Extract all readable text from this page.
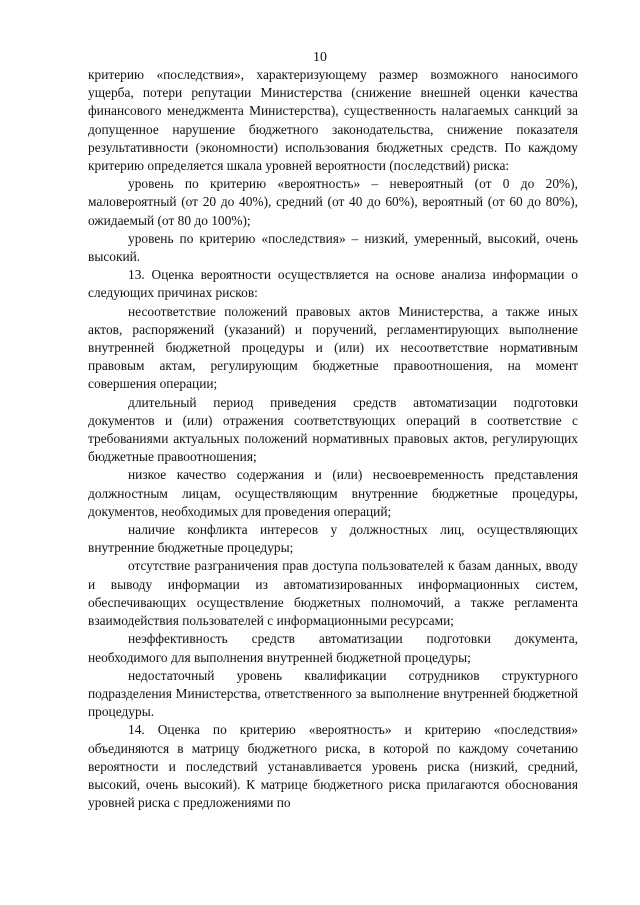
10

критерию «последствия», характеризующему размер возможного наносимого ущерба, потери репутации Министерства (снижение внешней оценки качества финансового менеджмента Министерства), существенность налагаемых санкций за допущенное нарушение бюджетного законодательства, снижение показателя результативности (экономности) использования бюджетных средств. По каждому критерию определяется шкала уровней вероятности (последствий) риска:

уровень по критерию «вероятность» – невероятный (от 0 до 20%), маловероятный (от 20 до 40%), средний (от 40 до 60%), вероятный (от 60 до 80%), ожидаемый (от 80 до 100%);

уровень по критерию «последствия» – низкий, умеренный, высокий, очень высокий.

13. Оценка вероятности осуществляется на основе анализа информации о следующих причинах рисков:

несоответствие положений правовых актов Министерства, а также иных актов, распоряжений (указаний) и поручений, регламентирующих выполнение внутренней бюджетной процедуры и (или) их несоответствие нормативным правовым актам, регулирующим бюджетные правоотношения, на момент совершения операции;

длительный период приведения средств автоматизации подготовки документов и (или) отражения соответствующих операций в соответствие с требованиями актуальных положений нормативных правовых актов, регулирующих бюджетные правоотношения;

низкое качество содержания и (или) несвоевременность представления должностным лицам, осуществляющим внутренние бюджетные процедуры, документов, необходимых для проведения операций;

наличие конфликта интересов у должностных лиц, осуществляющих внутренние бюджетные процедуры;

отсутствие разграничения прав доступа пользователей к базам данных, вводу и выводу информации из автоматизированных информационных систем, обеспечивающих осуществление бюджетных полномочий, а также регламента взаимодействия пользователей с информационными ресурсами;

неэффективность средств автоматизации подготовки документа, необходимого для выполнения внутренней бюджетной процедуры;

недостаточный уровень квалификации сотрудников структурного подразделения Министерства, ответственного за выполнение внутренней бюджетной процедуры.

14. Оценка по критерию «вероятность» и критерию «последствия» объединяются в матрицу бюджетного риска, в которой по каждому сочетанию вероятности и последствий устанавливается уровень риска (низкий, средний, высокий, очень высокий). К матрице бюджетного риска прилагаются обоснования уровней риска с предложениями по
